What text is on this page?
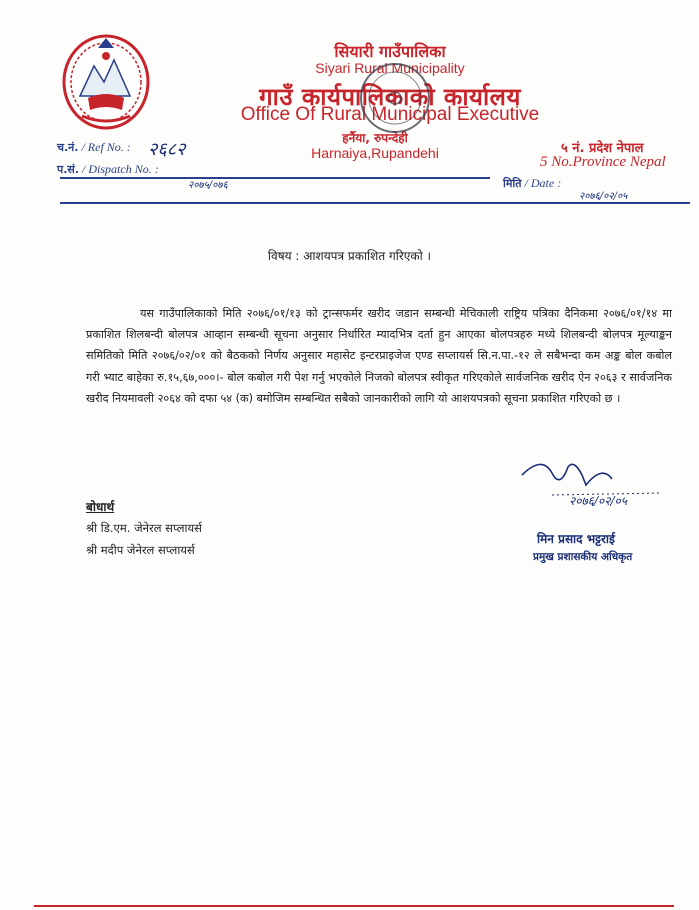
सियारी गाउँपालिका
Siyari Rural Municipality
गाउँ कार्यपालिकाको कार्यालय
Office Of Rural Municipal Executive
हर्नैया, रुपन्देही
Harnaiya,Rupandehi
च.नं. / Ref No. : २६८२
प.सं. / Dispatch No. :
२०७५/०७६
५ नं. प्रदेश नेपाल
5 No.Province Nepal
मिति / Date :
२०७६/०२/०५
विषय : आशयपत्र प्रकाशित गरिएको ।
यस गाउँपालिकाको मिति २०७६/०१/१३ को ट्रान्सफर्मर खरीद जडान सम्बन्धी मेचिकाली राष्ट्रिय पत्रिका दैनिकमा २०७६/०१/१४ मा प्रकाशित शिलबन्दी बोलपत्र आव्हान सम्बन्धी सूचना अनुसार निर्धारित म्यादभित्र दर्ता हुन आएका बोलपत्रहरु मध्ये शिलबन्दी बोलपत्र मूल्याङ्कन समितिको मिति २०७६/०२/०१ को बैठकको निर्णय अनुसार महासेट इन्टरप्राइजेज एण्ड सप्लायर्स सि.न.पा.-१२ ले सबैभन्दा कम अङ्क बोल कबोल गरी भ्याट बाहेका रु.१५,६७,०००।- बोल कबोल गरी पेश गर्नु भएकोले निजको बोलपत्र स्वीकृत गरिएकोले सार्वजनिक खरीद ऐन २०६३ र सार्वजनिक खरीद नियमावली २०६४ को दफा ५४ (क) बमोजिम सम्बन्धित सबैको जानकारीको लागि यो आशयपत्रको सूचना प्रकाशित गरिएको छ ।
२०७६/०२/०५
मिन प्रसाद भट्टराई
प्रमुख प्रशासकीय अधिकृत
बोधार्थ
श्री डि.एम. जेनेरल सप्लायर्स
श्री मदीप जेनेरल सप्लायर्स
